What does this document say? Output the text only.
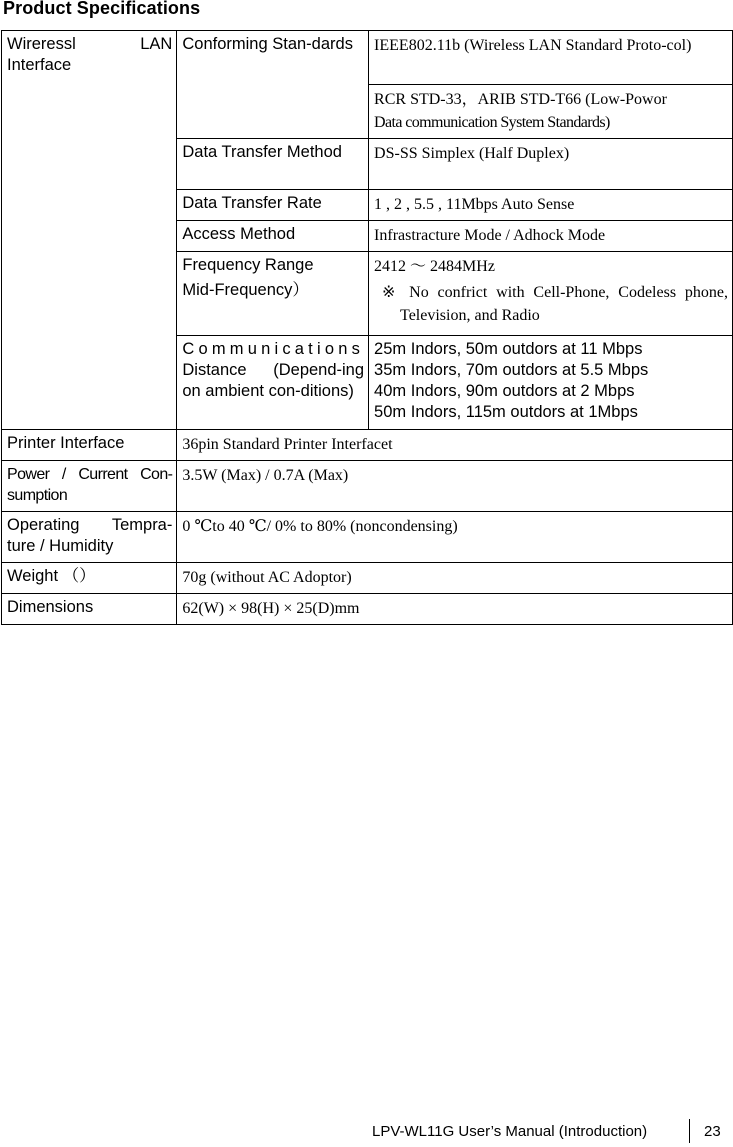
Product Specifications
Wireressl LAN Interface	Conforming Stan-dards	IEEE802.11b (Wireless LAN Standard Proto-col)

		RCR STD-33，ARIB STD-T66 (Low-Powor
Data communication System Standards)

	Data Transfer Method	DS-SS Simplex (Half Duplex)
	Data Transfer Rate	1 , 2 , 5.5 , 11Mbps Auto Sense
	Access Method	Infrastracture Mode / Adhock Mode

	Frequency Range
Mid-Frequency）	2412 ～ 2484MHz
※ No confrict with Cell-Phone, Codeless phone, Television, and Radio

	Communications
Distance (Depend-ing on ambient con-ditions)	25m Indors, 50m outdors at 11 Mbps
35m Indors, 70m outdors at 5.5 Mbps
40m Indors, 90m outdors at 2 Mbps
50m Indors, 115m outdors at 1Mbps

Printer Interface	36pin Standard Printer Interfacet	
Power / Current Con-sumption	3.5W (Max) / 0.7A (Max)	
Operating Tempra-ture / Humidity	0 ℃to 40 ℃/ 0% to 80% (noncondensing)	
Weight （）	70g (without AC Adoptor)	
Dimensions	62(W) × 98(H) × 25(D)mm	
LPV-WL11G User’s Manual (Introduction)	23
